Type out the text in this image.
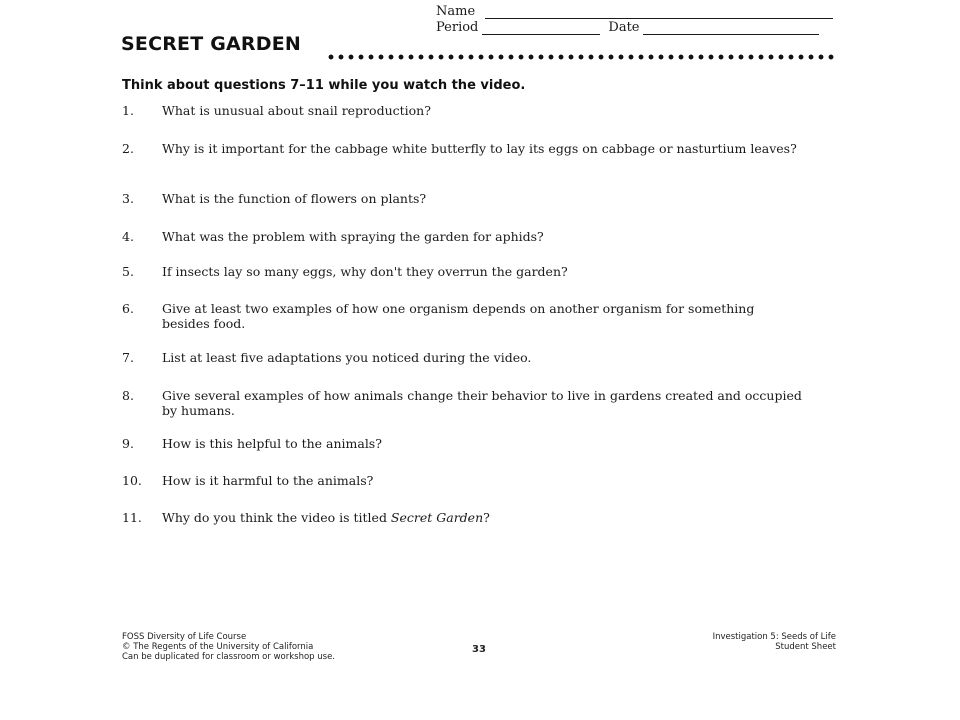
Name
Period	Date
SECRET GARDEN
Think about questions 7–11 while you watch the video.
1.	What is unusual about snail reproduction?
2.	Why is it important for the cabbage white butterfly to lay its eggs on cabbage or nasturtium leaves?
3.	What is the function of flowers on plants?
4.	What was the problem with spraying the garden for aphids?
5.	If insects lay so many eggs, why don't they overrun the garden?
6.	Give at least two examples of how one organism depends on another organism for something besides food.
7.	List at least five adaptations you noticed during the video.
8.	Give several examples of how animals change their behavior to live in gardens created and occupied by humans.
9.	How is this helpful to the animals?
10.	How is it harmful to the animals?
11.	Why do you think the video is titled Secret Garden?
FOSS Diversity of Life Course
© The Regents of the University of California
Can be duplicated for classroom or workshop use.
33
Investigation 5: Seeds of Life
Student Sheet
